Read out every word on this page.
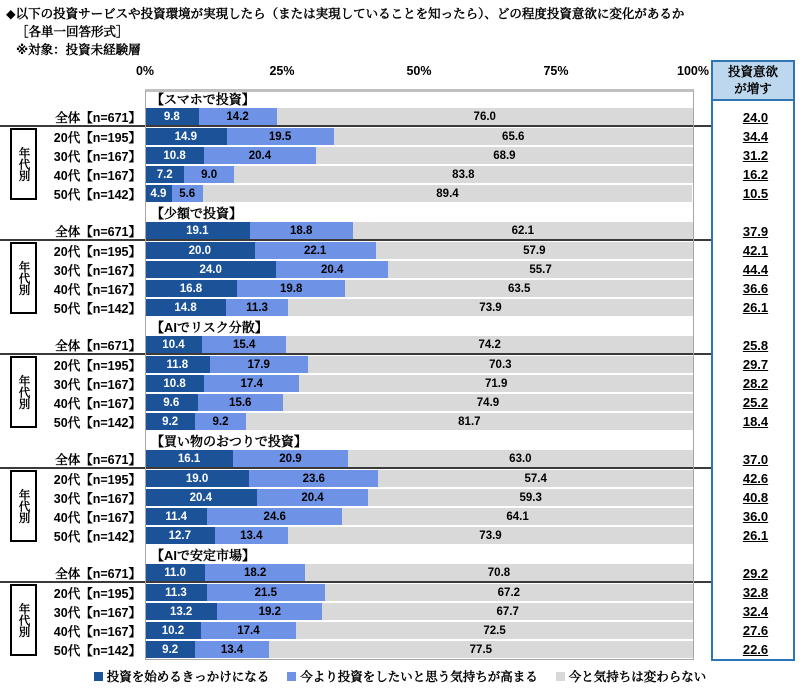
◆以下の投資サービスや投資環境が実現したら（または実現していることを知ったら）、どの程度投資意欲に変化があるか
［各単一回答形式］
※対象：投資未経験層
0%	25%	50%	75%	100%
【スマホで投資】
全体【n=671】	9.8	14.2	76.0	24.0
20代【n=195】	14.9	19.5	65.6	34.4
30代【n=167】	10.8	20.4	68.9	31.2
40代【n=167】	7.2	9.0	83.8	16.2
50代【n=142】 4.9	5.6	89.4	10.5
年代別
【少額で投資】
全体【n=671】	19.1	18.8	62.1	37.9
20代【n=195】	20.0	22.1	57.9	42.1
30代【n=167】	24.0	20.4	55.7	44.4
40代【n=167】	16.8	19.8	63.5	36.6
50代【n=142】	14.8	11.3	73.9	26.1
年代別
【AIでリスク分散】
全体【n=671】	10.4	15.4	74.2	25.8
20代【n=195】	11.8	17.9	70.3	29.7
30代【n=167】	10.8	17.4	71.9	28.2
40代【n=167】	9.6	15.6	74.9	25.2
50代【n=142】	9.2	9.2	81.7	18.4
年代別
【買い物のおつりで投資】
全体【n=671】	16.1	20.9	63.0	37.0
20代【n=195】	19.0	23.6	57.4	42.6
30代【n=167】	20.4	20.4	59.3	40.8
40代【n=167】	11.4	24.6	64.1	36.0
50代【n=142】	12.7	13.4	73.9	26.1
年代別
【AIで安定市場】
全体【n=671】	11.0	18.2	70.8	29.2
20代【n=195】	11.3	21.5	67.2	32.8
30代【n=167】	13.2	19.2	67.7	32.4
40代【n=167】	10.2	17.4	72.5	27.6
50代【n=142】	9.2	13.4	77.5	22.6
年代別
投資意欲
が増す
投資を始めるきっかけになる 今より投資をしたいと思う気持ちが高まる 今と気持ちは変わらない
